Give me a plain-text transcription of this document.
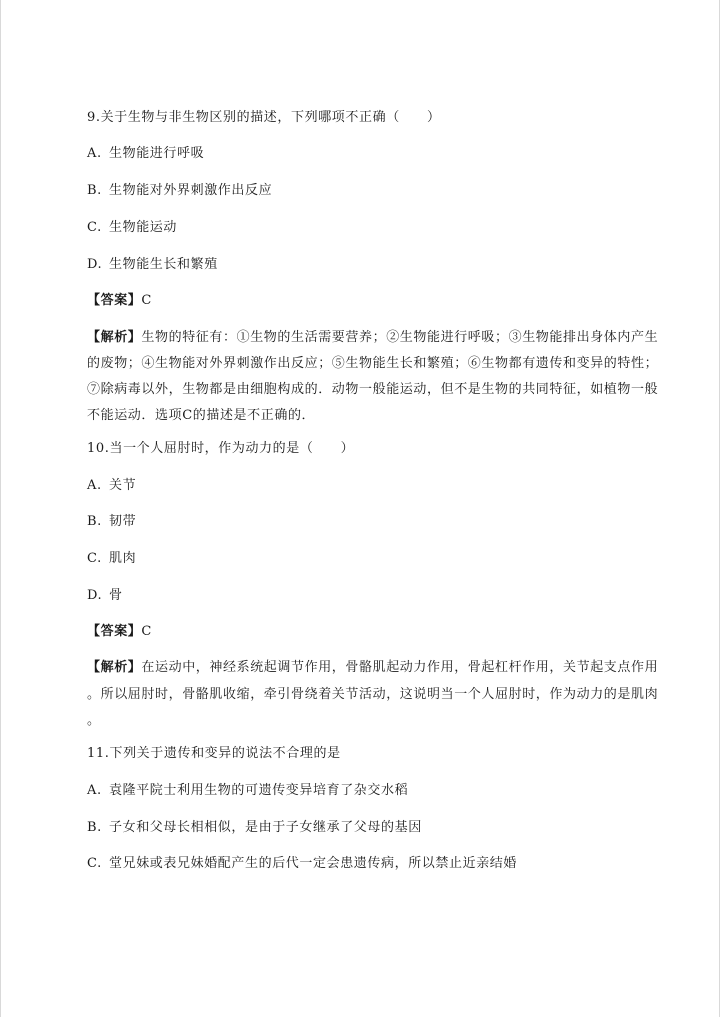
9.关于生物与非生物区别的描述，下列哪项不正确（　　）
A. 生物能进行呼吸
B. 生物能对外界刺激作出反应
C. 生物能运动
D. 生物能生长和繁殖
【答案】C
【解析】生物的特征有：①生物的生活需要营养；②生物能进行呼吸；③生物能排出身体内产生
的废物；④生物能对外界刺激作出反应；⑤生物能生长和繁殖；⑥生物都有遗传和变异的特性；
⑦除病毒以外，生物都是由细胞构成的．动物一般能运动，但不是生物的共同特征，如植物一般
不能运动．选项C的描述是不正确的．
10.当一个人屈肘时，作为动力的是（　　）
A. 关节
B. 韧带
C. 肌肉
D. 骨
【答案】C
【解析】在运动中，神经系统起调节作用，骨骼肌起动力作用，骨起杠杆作用，关节起支点作用
。所以屈肘时，骨骼肌收缩，牵引骨绕着关节活动，这说明当一个人屈肘时，作为动力的是肌肉
。
11.下列关于遗传和变异的说法不合理的是
A. 袁隆平院士利用生物的可遗传变异培育了杂交水稻
B. 子女和父母长相相似，是由于子女继承了父母的基因
C. 堂兄妹或表兄妹婚配产生的后代一定会患遗传病，所以禁止近亲结婚
